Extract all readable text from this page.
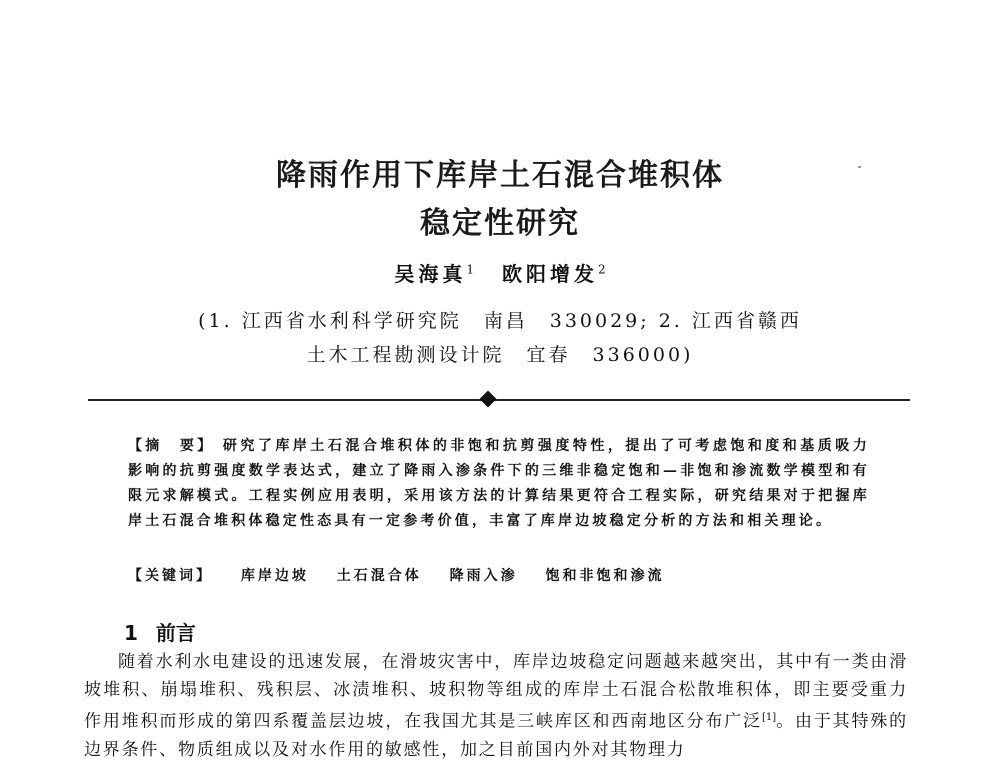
降雨作用下库岸土石混合堆积体
稳定性研究
吴海真$^1$ 欧阳增发$^2$
(1. 江西省水利科学研究院 南昌 330029; 2. 江西省赣西
土木工程勘测设计院 宜春 336000)
【摘　要】 研究了库岸土石混合堆积体的非饱和抗剪强度特性，提出了可考虑饱和度和基质吸力影响的抗剪强度数学表达式，建立了降雨入渗条件下的三维非稳定饱和—非饱和渗流数学模型和有限元求解模式。工程实例应用表明，采用该方法的计算结果更符合工程实际，研究结果对于把握库岸土石混合堆积体稳定性态具有一定参考价值，丰富了库岸边坡稳定分析的方法和相关理论。
【关键词】 库岸边坡 土石混合体 降雨入渗 饱和非饱和渗流
1 前言

随着水利水电建设的迅速发展，在滑坡灾害中，库岸边坡稳定问题越来越突出，其中有一类由滑坡堆积、崩塌堆积、残积层、冰渍堆积、坡积物等组成的库岸土石混合松散堆积体，即主要受重力作用堆积而形成的第四系覆盖层边坡，在我国尤其是三峡库区和西南地区分布广泛[1]。由于其特殊的边界条件、物质组成以及对水作用的敏感性，加之目前国内外对其物理力
